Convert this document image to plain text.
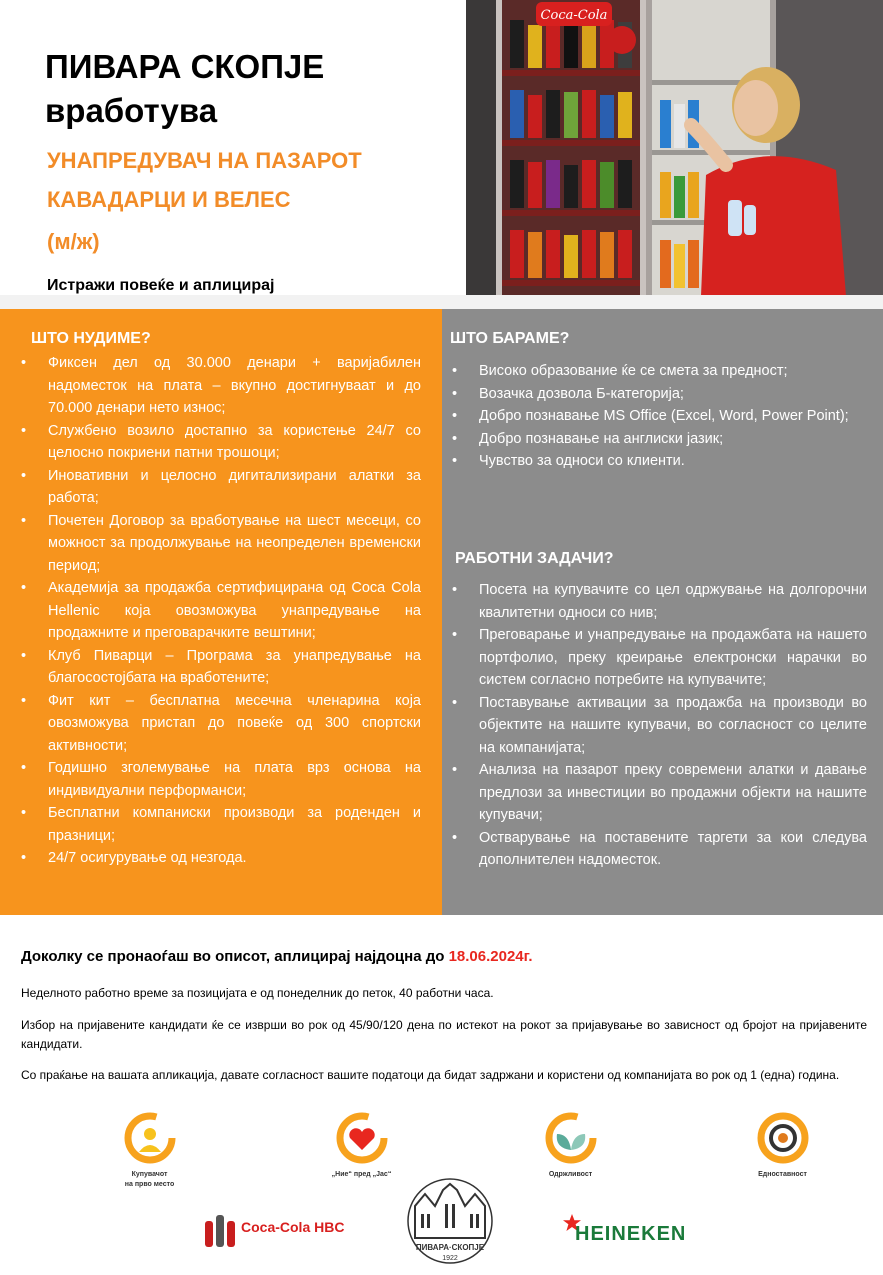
ПИВАРА СКОПЈЕ
вработува
УНАПРЕДУВАЧ НА ПАЗАРОТ
КАВАДАРЦИ И ВЕЛЕС
(м/ж)
Истражи повеќе и аплицирај
Coca-Cola
ШТО НУДИМЕ?
• Фиксен дел од 30.000 денари + варијабилен надоместок на плата – вкупно достигнуваат и до 70.000 денари нето износ;
• Службено возило достапно за користење 24/7 со целосно покриени патни трошоци;
• Иновативни и целосно дигитализирани алатки за работа;
• Почетен Договор за вработување на шест месеци, со можност за продолжување на неопределен временски период;
• Академија за продажба сертифицирана од Coca Cola Hellenic која овозможува унапредување на продажните и преговарачките вештини;
• Клуб Пиварци – Програма за унапредување на благосостојбата на вработените;
• Фит кит – бесплатна месечна членарина која овозможува пристап до повеќе од 300 спортски активности;
• Годишно зголемување на плата врз основа на индивидуални перформанси;
• Бесплатни компаниски производи за роденден и празници;
• 24/7 осигурување од незгода.
ШТО БАРАМЕ?
• Високо образование ќе се смета за предност;
• Возачка дозвола Б-категорија;
• Добро познавање MS Office (Excel, Word, Power Point);
• Добро познавање на англиски јазик;
• Чувство за односи со клиенти.
РАБОТНИ ЗАДАЧИ?
• Посета на купувачите со цел одржување на долгорочни квалитетни односи со нив;
• Преговарање и унапредување на продажбата на нашето портфолио, преку креирање електронски нарачки во систем согласно потребите на купувачите;
• Поставување активации за продажба на производи во објектите на нашите купувачи, во согласност со целите на компанијата;
• Анализа на пазарот преку современи алатки и давање предлози за инвестиции во продажни објекти на нашите купувачи;
• Остварување на поставените таргети за кои следува дополнителен надоместок.
Доколку се пронаоѓаш во описот, аплицирај најдоцна до 18.06.2024г.
Неделното работно време за позицијата е од понеделник до петок, 40 работни часа.
Избор на пријавените кандидати ќе се изврши во рок од 45/90/120 дена по истекот на рокот за пријавување во зависност од бројот на пријавените кандидати.
Со праќање на вашата апликација, давате согласност вашите податоци да бидат задржани и користени од компанијата во рок од 1 (една) година.
Купувачот
на прво место
„Ние“ пред „Јас“	Одржливост	Едноставност
Coca-Cola HBC
ПИВАРА·СКОПЈЕ
1922
HEINEKEN
